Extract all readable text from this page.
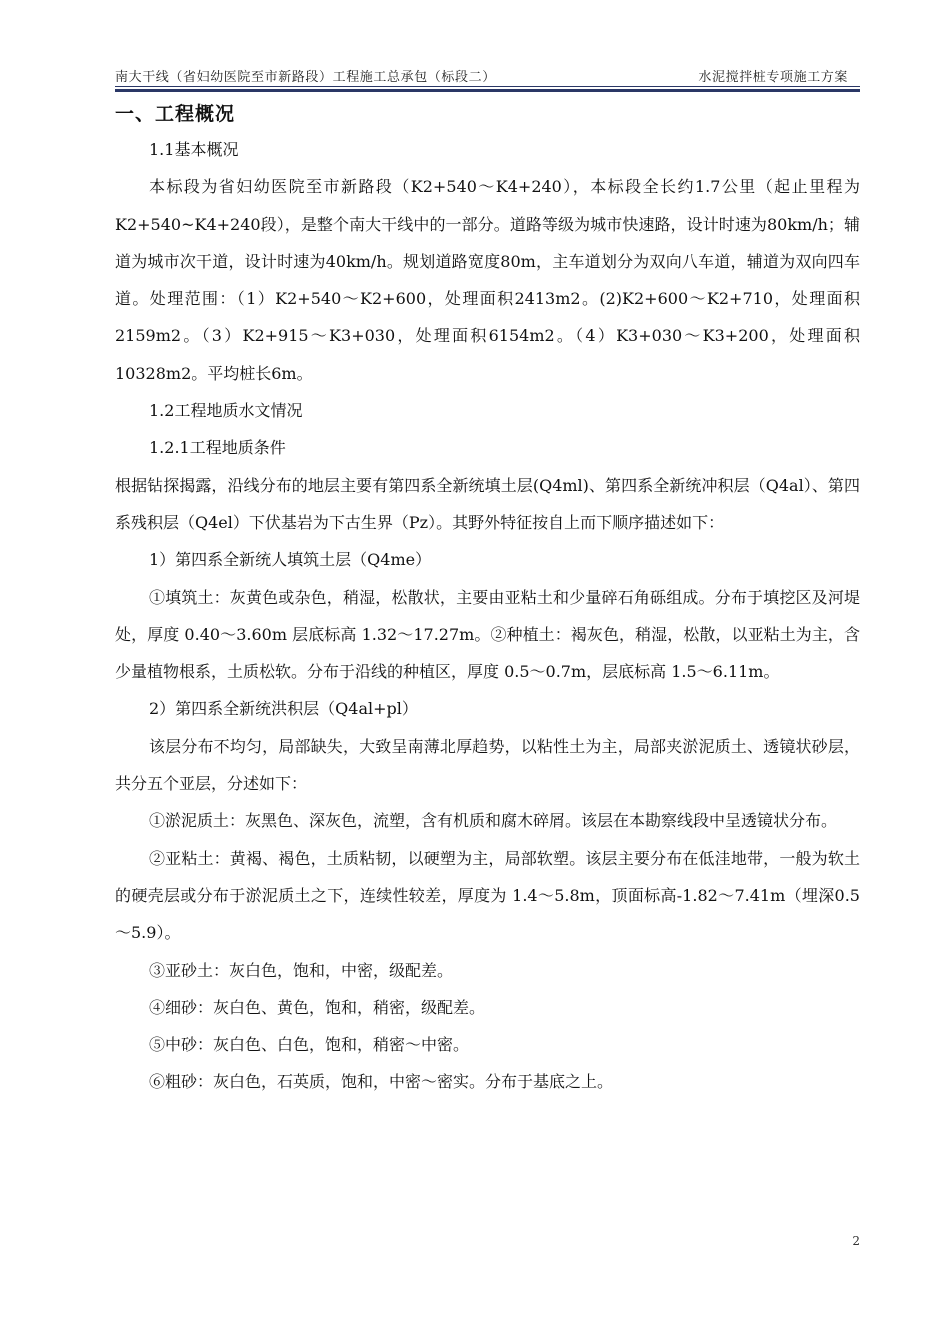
南大干线（省妇幼医院至市新路段）工程施工总承包（标段二）	水泥搅拌桩专项施工方案
一、工程概况

1.1基本概况

本标段为省妇幼医院至市新路段（K2+540～K4+240），本标段全长约1.7公里（起止里程为K2+540~K4+240段），是整个南大干线中的一部分。道路等级为城市快速路，设计时速为80km/h；辅道为城市次干道，设计时速为40km/h。规划道路宽度80m，主车道划分为双向八车道，辅道为双向四车道。处理范围：（1）K2+540～K2+600，处理面积2413m2。(2)K2+600～K2+710，处理面积2159m2。（3）K2+915～K3+030，处理面积6154m2。（4）K3+030～K3+200，处理面积10328m2。平均桩长6m。

1.2工程地质水文情况

1.2.1工程地质条件

根据钻探揭露，沿线分布的地层主要有第四系全新统填土层(Q4ml)、第四系全新统冲积层（Q4al）、第四系残积层（Q4el）下伏基岩为下古生界（Pz）。其野外特征按自上而下顺序描述如下：

1）第四系全新统人填筑土层（Q4me）

①填筑土：灰黄色或杂色，稍湿，松散状，主要由亚粘土和少量碎石角砾组成。分布于填挖区及河堤处，厚度 0.40～3.60m 层底标高 1.32～17.27m。②种植土：褐灰色，稍湿，松散，以亚粘土为主，含少量植物根系，土质松软。分布于沿线的种植区，厚度 0.5～0.7m，层底标高 1.5～6.11m。

2）第四系全新统洪积层（Q4al+pl）

该层分布不均匀，局部缺失，大致呈南薄北厚趋势，以粘性土为主，局部夹淤泥质土、透镜状砂层，共分五个亚层，分述如下：

①淤泥质土：灰黑色、深灰色，流塑，含有机质和腐木碎屑。该层在本勘察线段中呈透镜状分布。

②亚粘土：黄褐、褐色，土质粘韧，以硬塑为主，局部软塑。该层主要分布在低洼地带，一般为软土的硬壳层或分布于淤泥质土之下，连续性较差，厚度为 1.4～5.8m，顶面标高-1.82～7.41m（埋深0.5～5.9）。

③亚砂土：灰白色，饱和，中密，级配差。

④细砂：灰白色、黄色，饱和，稍密，级配差。

⑤中砂：灰白色、白色，饱和，稍密～中密。

⑥粗砂：灰白色，石英质，饱和，中密～密实。分布于基底之上。

2
